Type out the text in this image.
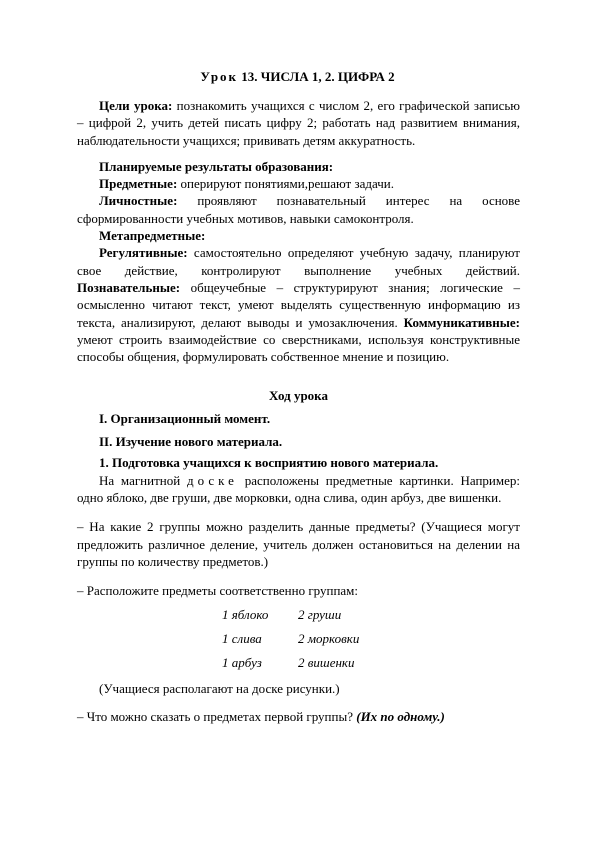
Урок 13. ЧИСЛА 1, 2. ЦИФРА 2

Цели урока: познакомить учащихся с числом 2, его графической записью – цифрой 2, учить детей писать цифру 2; работать над развитием внимания, наблюдательности учащихся; прививать детям аккуратность.

Планируемые результаты образования:

Предметные: оперируют понятиями,решают задачи.

Личностные: проявляют познавательный интерес на основе сформированности учебных мотивов, навыки самоконтроля.

Метапредметные:

Регулятивные: самостоятельно определяют учебную задачу, планируют свое действие, контролируют выполнение учебных действий. Познавательные: общеучебные – структурируют знания; логические – осмысленно читают текст, умеют выделять существенную информацию из текста, анализируют, делают выводы и умозаключения. Коммуникативные: умеют строить взаимодействие со сверстниками, используя конструктивные способы общения, формулировать собственное мнение и позицию.

Ход урока

I. Организационный момент.

II. Изучение нового материала.

1. Подготовка учащихся к восприятию нового материала.

На магнитной доске расположены предметные картинки. Например: одно яблоко, две груши, две морковки, одна слива, один арбуз, две вишенки.

– На какие 2 группы можно разделить данные предметы? (Учащиеся могут предложить различное деление, учитель должен остановиться на делении на группы по количеству предметов.)

– Расположите предметы соответственно группам:

1 яблоко	2 груши
1 слива	2 морковки
1 арбуз	2 вишенки

(Учащиеся располагают на доске рисунки.)

– Что можно сказать о предметах первой группы? (Их по одному.)
